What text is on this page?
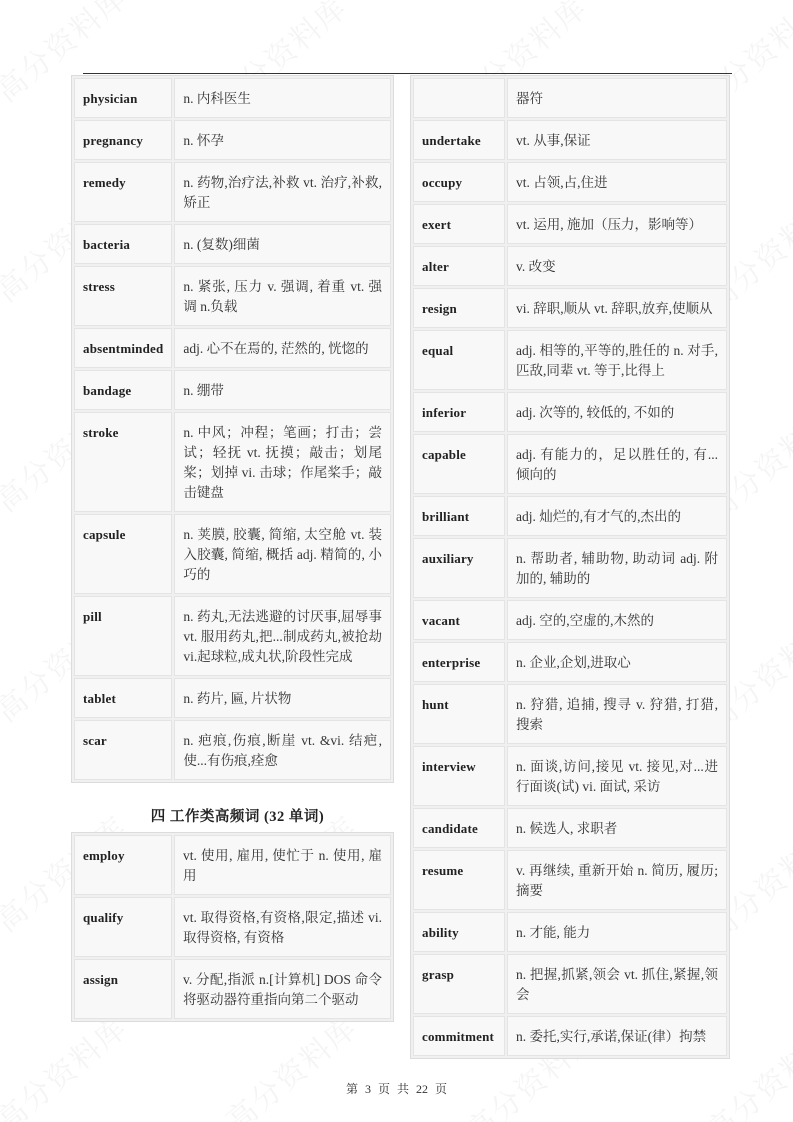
physician	n. 内科医生
pregnancy	n. 怀孕
remedy	n. 药物,治疗法,补救 vt. 治疗,补救,矫正
bacteria	n. (复数)细菌
stress	n. 紧张, 压力 v. 强调, 着重 vt. 强调 n.负载
absentminded	adj. 心不在焉的, 茫然的, 恍惚的
bandage	n. 绷带
stroke	n. 中风；冲程；笔画；打击；尝试；轻抚 vt. 抚摸；敲击；划尾桨；划掉 vi. 击球；作尾桨手；敲击键盘
capsule	n. 荚膜, 胶囊, 简缩, 太空舱 vt. 装入胶囊, 简缩, 概括 adj. 精简的, 小巧的
pill	n. 药丸,无法逃避的讨厌事,屈辱事 vt. 服用药丸,把...制成药丸,被抢劫 vi.起球粒,成丸状,阶段性完成
tablet	n. 药片, 匾, 片状物
scar	n. 疤痕,伤痕,断崖 vt. &vi. 结疤,使...有伤痕,痊愈
四 工作类高频词 (32 单词)
employ	vt. 使用, 雇用, 使忙于 n. 使用, 雇用
qualify	vt. 取得资格,有资格,限定,描述 vi. 取得资格, 有资格
assign	v. 分配,指派 n.[计算机] DOS 命令将驱动器符重指向第二个驱动
	器符
undertake	vt. 从事,保证
occupy	vt. 占领,占,住进
exert	vt. 运用, 施加（压力，影响等）
alter	v. 改变
resign	vi. 辞职,顺从 vt. 辞职,放弃,使顺从
equal	adj. 相等的,平等的,胜任的 n. 对手,匹敌,同辈 vt. 等于,比得上
inferior	adj. 次等的, 较低的, 不如的
capable	adj. 有能力的，足以胜任的, 有...倾向的
brilliant	adj. 灿烂的,有才气的,杰出的
auxiliary	n. 帮助者, 辅助物, 助动词 adj. 附加的, 辅助的
vacant	adj. 空的,空虚的,木然的
enterprise	n. 企业,企划,进取心
hunt	n. 狩猎, 追捕, 搜寻 v. 狩猎, 打猎, 搜索
interview	n. 面谈,访问,接见 vt. 接见,对...进行面谈(试) vi. 面试, 采访
candidate	n. 候选人, 求职者
resume	v. 再继续, 重新开始 n. 简历, 履历; 摘要
ability	n. 才能, 能力
grasp	n. 把握,抓紧,领会 vt. 抓住,紧握,领会
commitment	n. 委托,实行,承诺,保证(律）拘禁
第 3 页 共 22 页
